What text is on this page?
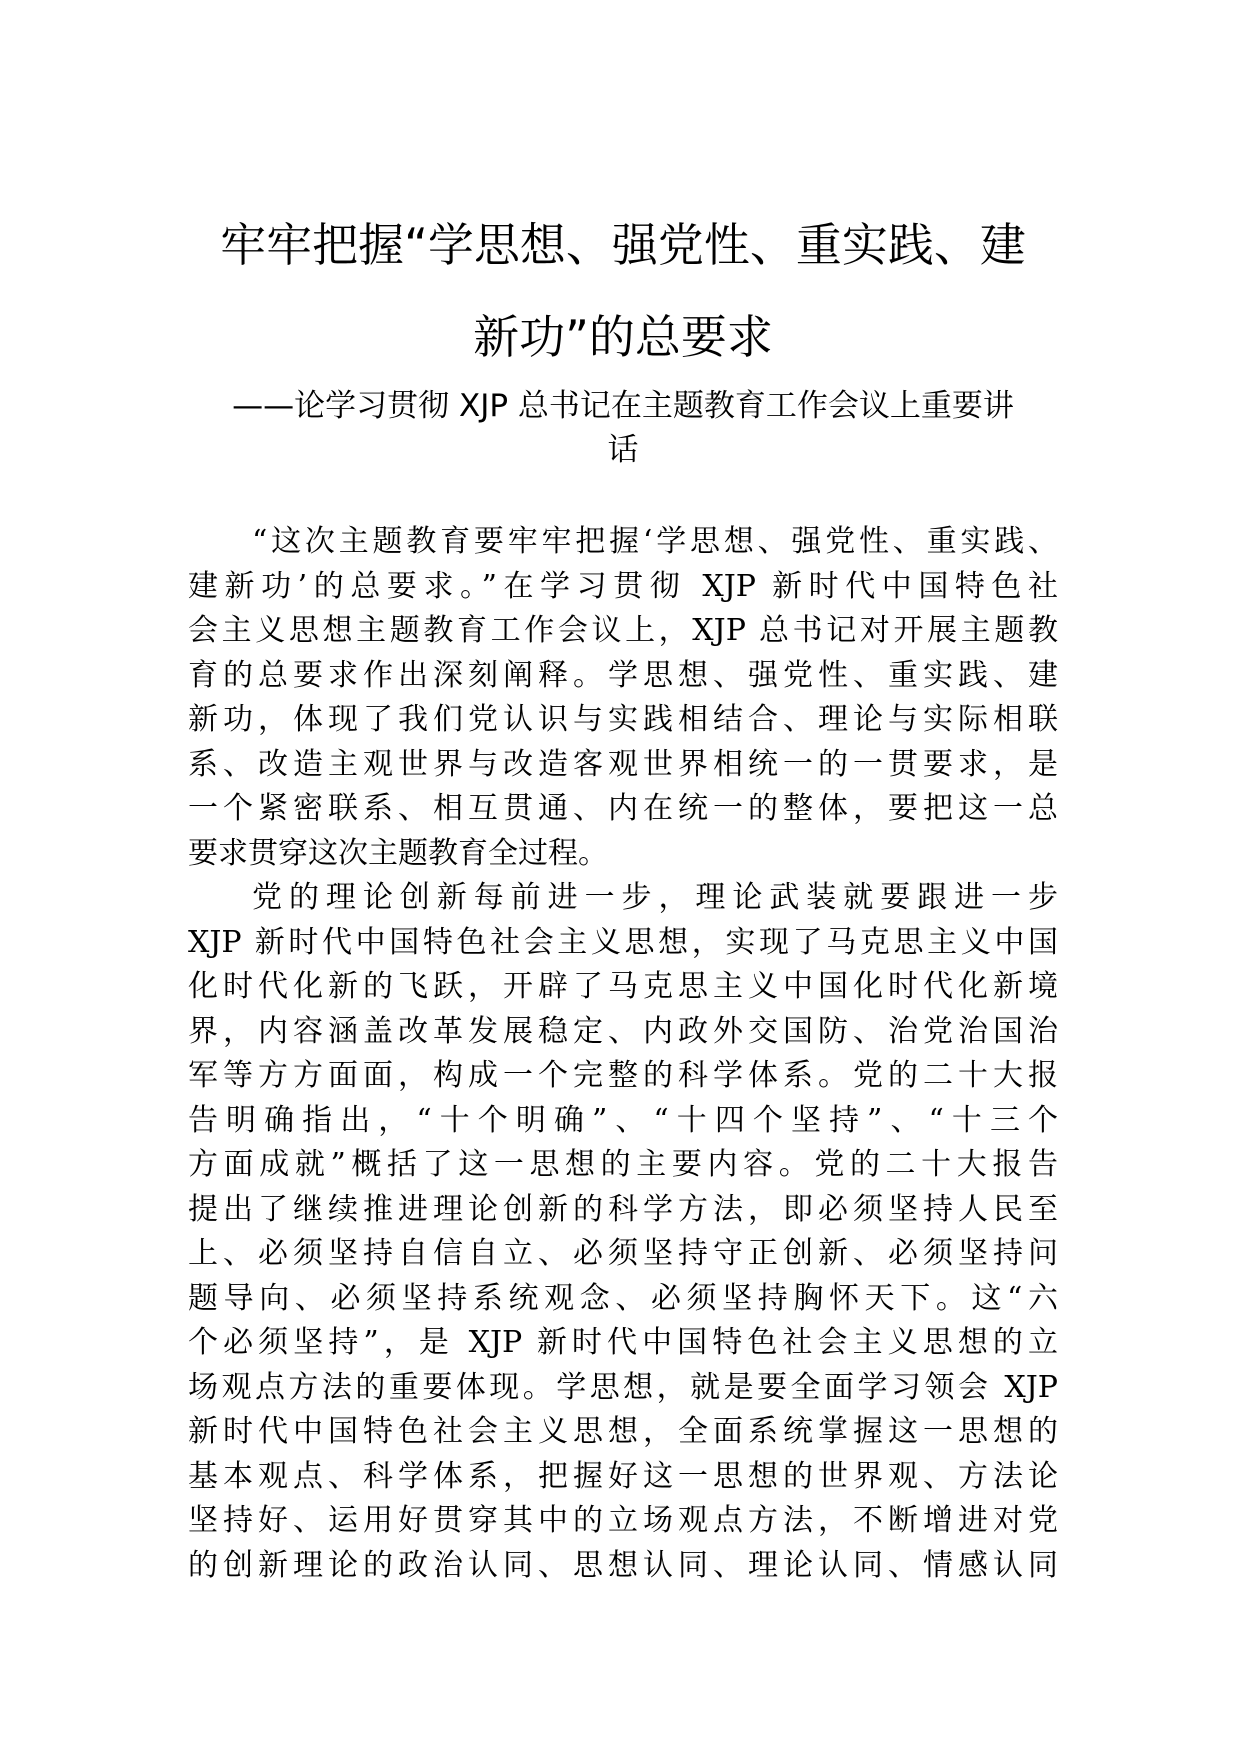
牢牢把握“学思想、强党性、重实践、建
新功”的总要求
——论学习贯彻 XJP 总书记在主题教育工作会议上重要讲
话
“这次主题教育要牢牢把握‘学思想、强党性、重实践、
建新功’的总要求。”在学习贯彻 XJP 新时代中国特色社
会主义思想主题教育工作会议上，XJP 总书记对开展主题教
育的总要求作出深刻阐释。学思想、强党性、重实践、建
新功，体现了我们党认识与实践相结合、理论与实际相联
系、改造主观世界与改造客观世界相统一的一贯要求，是
一个紧密联系、相互贯通、内在统一的整体，要把这一总
要求贯穿这次主题教育全过程。
党的理论创新每前进一步，理论武装就要跟进一步
XJP 新时代中国特色社会主义思想，实现了马克思主义中国
化时代化新的飞跃，开辟了马克思主义中国化时代化新境
界，内容涵盖改革发展稳定、内政外交国防、治党治国治
军等方方面面，构成一个完整的科学体系。党的二十大报
告明确指出，“十个明确”、“十四个坚持”、“十三个
方面成就”概括了这一思想的主要内容。党的二十大报告
提出了继续推进理论创新的科学方法，即必须坚持人民至
上、必须坚持自信自立、必须坚持守正创新、必须坚持问
题导向、必须坚持系统观念、必须坚持胸怀天下。这“六
个必须坚持”，是 XJP 新时代中国特色社会主义思想的立
场观点方法的重要体现。学思想，就是要全面学习领会 XJP
新时代中国特色社会主义思想，全面系统掌握这一思想的
基本观点、科学体系，把握好这一思想的世界观、方法论
坚持好、运用好贯穿其中的立场观点方法，不断增进对党
的创新理论的政治认同、思想认同、理论认同、情感认同
